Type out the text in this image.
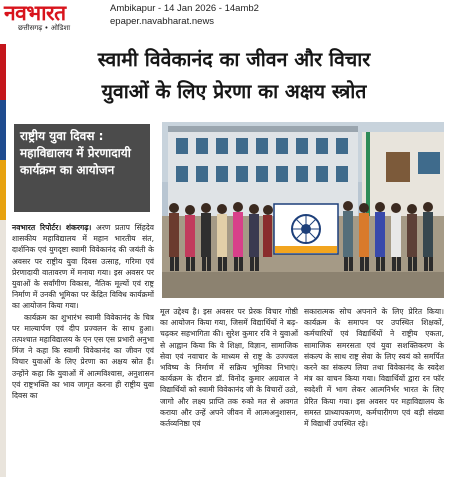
नवभारत
छत्तीसगढ़ • ओडिशा
Ambikapur - 14 Jan 2026 - 14amb2
epaper.navabharat.news
स्वामी विवेकानंद का जीवन और विचार
युवाओं के लिए प्रेरणा का अक्षय स्त्रोत
राष्ट्रीय युवा दिवस : महाविद्यालय में प्रेरणादायी कार्यक्रम का आयोजन

नवभारत रिपोर्टर। शंकरगढ़। अरण प्रताप सिंहदेव शासकीय महाविद्यालय में महान भारतीय संत, दार्शनिक एवं युगदृष्टा स्वामी विवेकानंद की जयंती के अवसर पर राष्ट्रीय युवा दिवस उत्साह, गरिमा एवं प्रेरणादायी वातावरण में मनाया गया। इस अवसर पर युवाओं के सर्वांगीण विकास, नैतिक मूल्यों एवं राष्ट्र निर्माण में उनकी भूमिका पर केंद्रित विविध कार्यक्रमों का आयोजन किया गया।

कार्यक्रम का शुभारंभ स्वामी विवेकानंद के चित्र पर माल्यार्पण एवं दीप प्रज्वलन के साथ हुआ। तत्पश्चात महाविद्यालय के एन एस एस प्रभारी अनुभा मिंज ने कहा कि स्वामी विवेकानंद का जीवन एवं विचार युवाओं के लिए प्रेरणा का अक्षय स्रोत हैं। उन्होंने कहा कि युवाओं में आत्मविश्वास, अनुशासन एवं राष्ट्रभक्ति का भाव जागृत करना ही राष्ट्रीय युवा दिवस का

मूल उद्देश्य है। इस अवसर पर प्रेरक विचार गोष्ठी का आयोजन किया गया, जिसमें विद्यार्थियों ने बढ़-चढ़कर सहभागिता की। सुरेश कुमार रवि ने युवाओं से आह्वान किया कि वे शिक्षा, विज्ञान, सामाजिक सेवा एवं नवाचार के माध्यम से राष्ट्र के उज्ज्वल भविष्य के निर्माण में सक्रिय भूमिका निभाएं। कार्यक्रम के दौरान डॉ. विनोद कुमार अग्रवाल ने विद्यार्थियों को स्वामी विवेकानंद जी के विचारों उठो, जागो और लक्ष्य प्राप्ति तक रुको मत से अवगत कराया और उन्हें अपने जीवन में आत्मअनुशासन, कर्तव्यनिष्ठा एवं

सकारात्मक सोच अपनाने के लिए प्रेरित किया। कार्यक्रम के समापन पर उपस्थित शिक्षकों, कर्मचारियों एवं विद्यार्थियों ने राष्ट्रीय एकता, सामाजिक समरसता एवं युवा सशक्तिकरण के संकल्प के साथ राष्ट्र सेवा के लिए स्वयं को समर्पित करने का संकल्प लिया तथा विवेकानंद के स्वदेश मंत्र का वाचन किया गया। विद्यार्थियों द्वारा रन फॉर स्वदेशी में भाग लेकर आत्मनिर्भर भारत के लिए प्रेरित किया गया। इस अवसर पर महाविद्यालय के समस्त प्राध्यापकगण, कर्मचारीगण एवं बड़ी संख्या में विद्यार्थी उपस्थित रहे।
